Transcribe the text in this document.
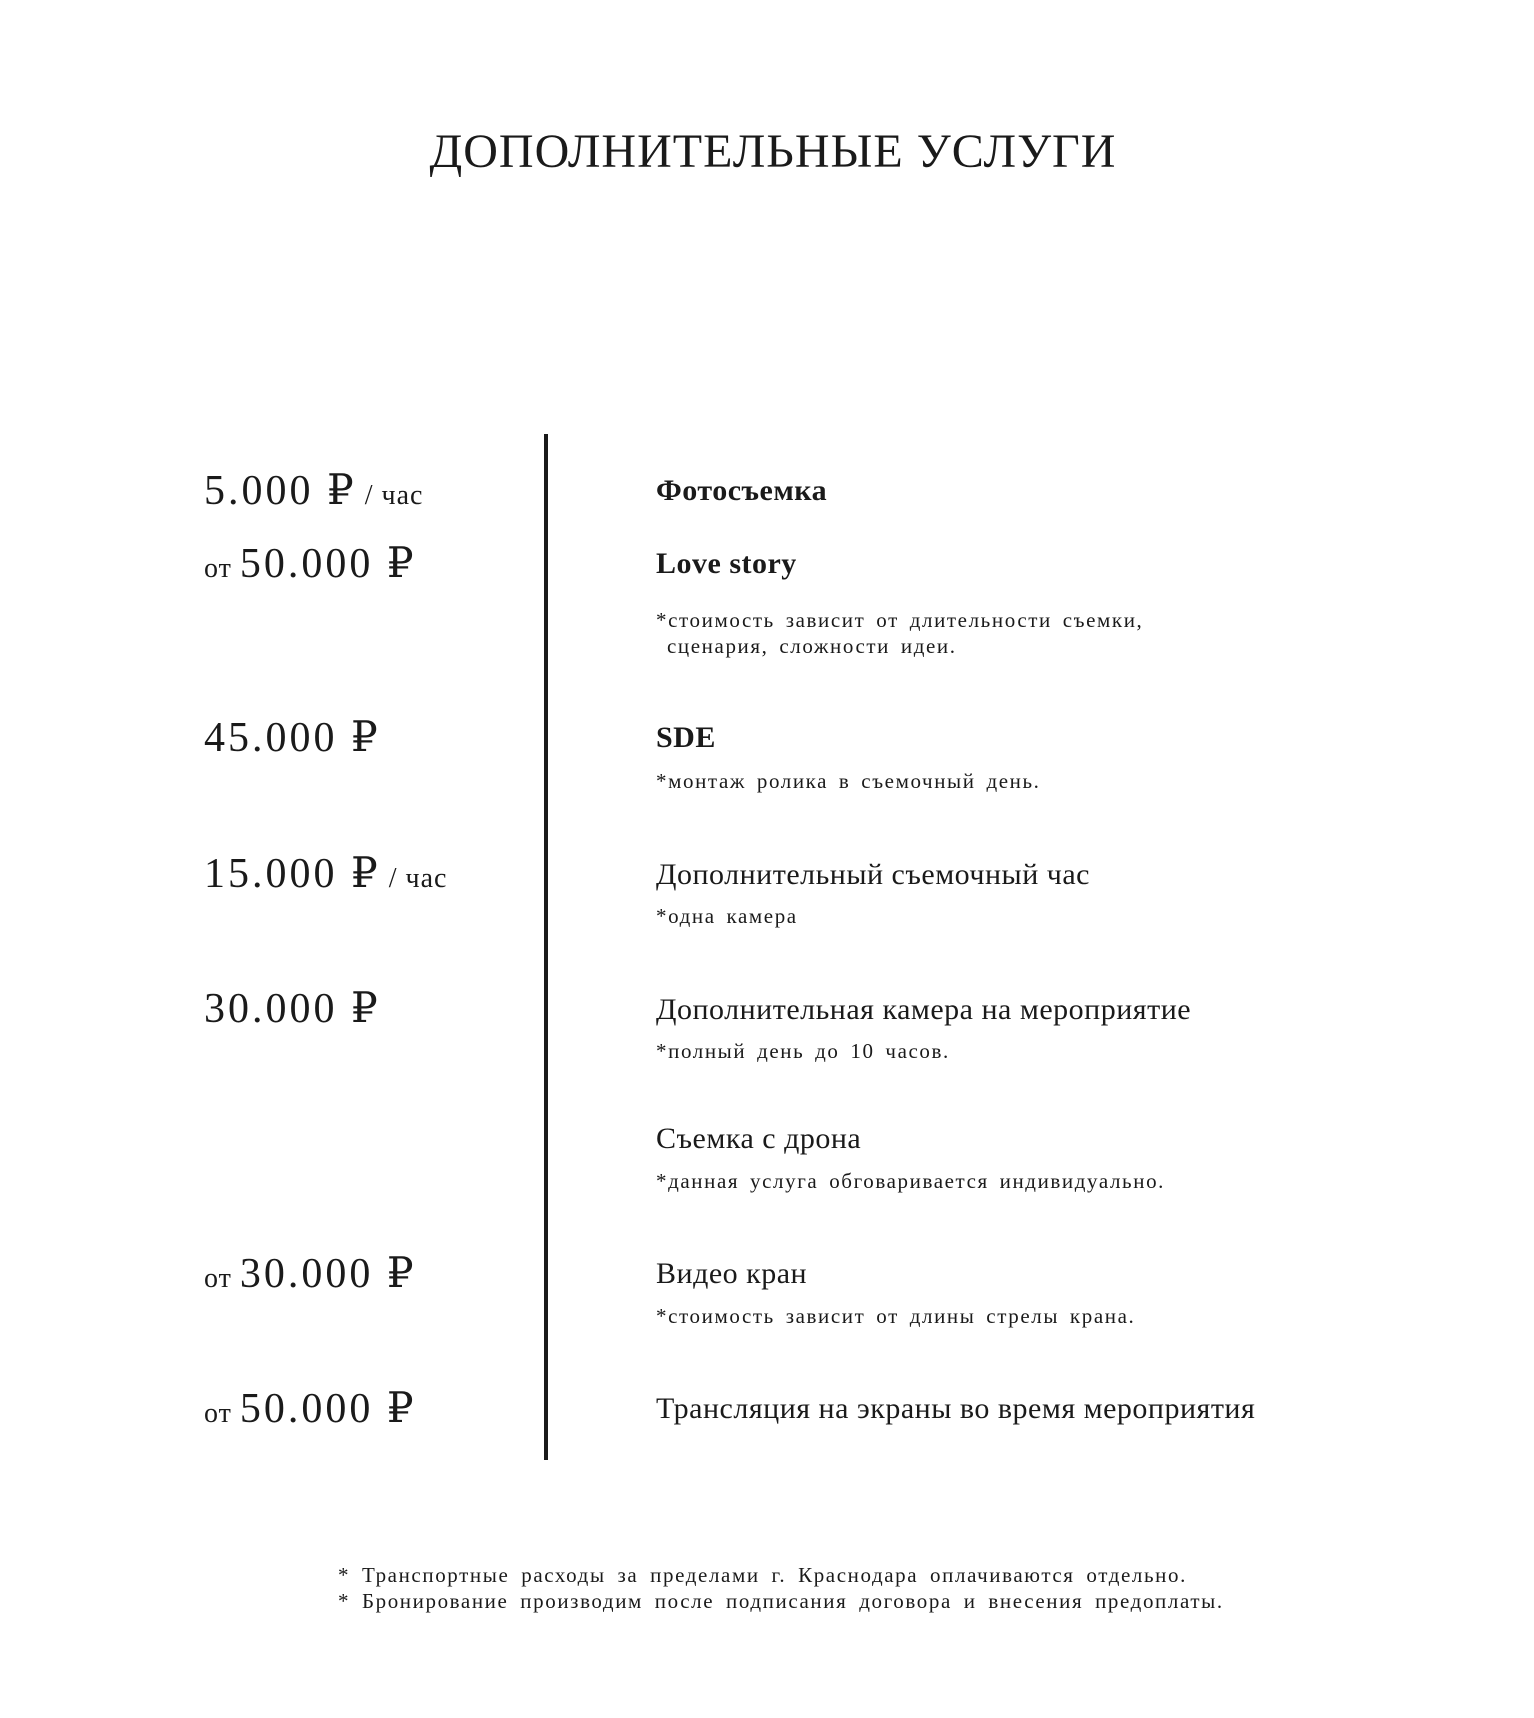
ДОПОЛНИТЕЛЬНЫЕ УСЛУГИ
5.000 ₽ / час	Фотосъемка
от 50.000 ₽	Love story
*стоимость зависит от длительности съемки,
сценария, сложности идеи.
45.000 ₽	SDE
*монтаж ролика в съемочный день.
15.000 ₽ / час	Дополнительный съемочный час
*одна камера
30.000 ₽	Дополнительная камера на мероприятие
*полный день до 10 часов.
Съемка с дрона
*данная услуга обговаривается индивидуально.
от 30.000 ₽	Видео кран
*стоимость зависит от длины стрелы крана.
от 50.000 ₽	Трансляция на экраны во время мероприятия
* Транспортные расходы за пределами г. Краснодара оплачиваются отдельно.
* Бронирование производим после подписания договора и внесения предоплаты.
